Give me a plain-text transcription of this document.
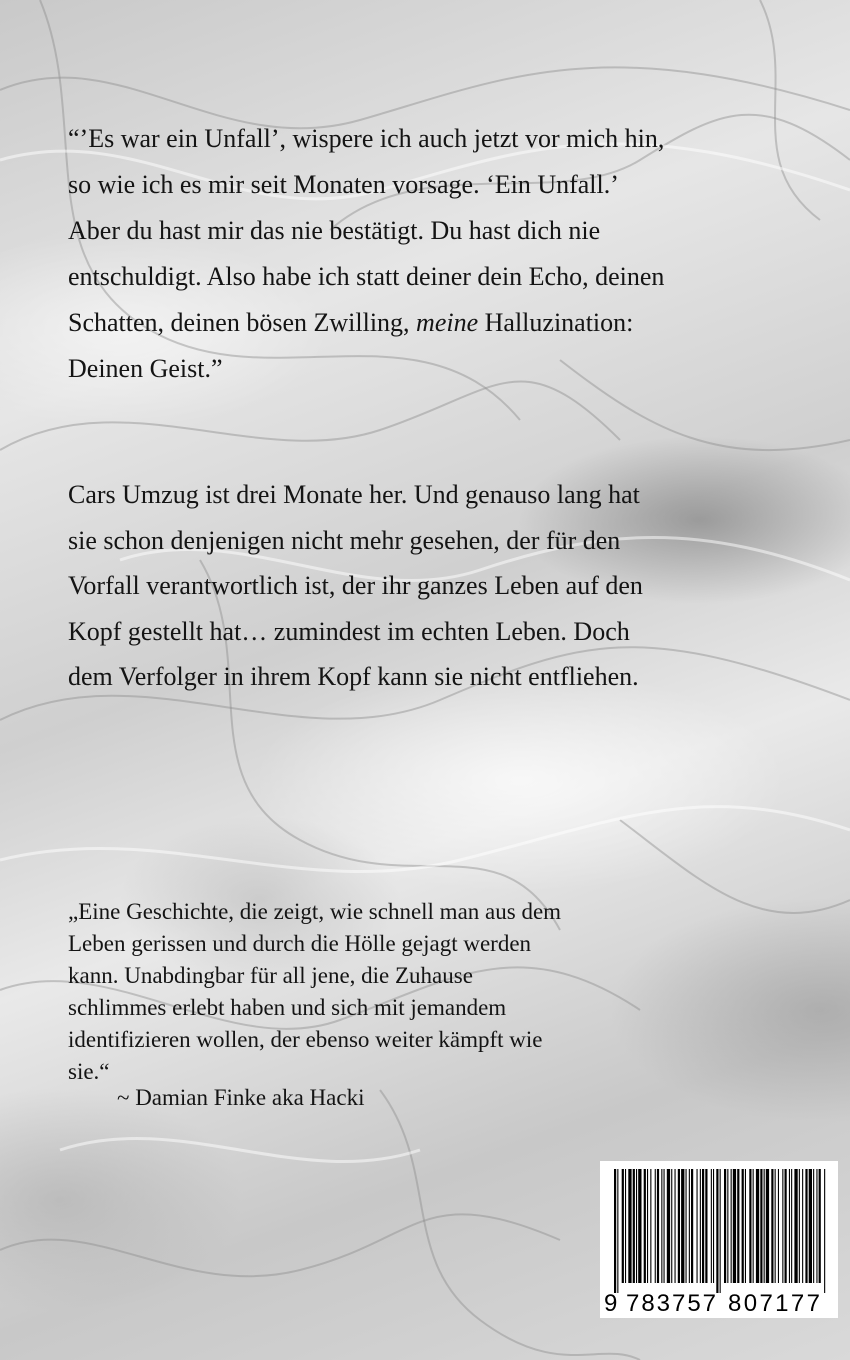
“’Es war ein Unfall’, wispere ich auch jetzt vor mich hin,
so wie ich es mir seit Monaten vorsage. ‘Ein Unfall.’
Aber du hast mir das nie bestätigt. Du hast dich nie
entschuldigt. Also habe ich statt deiner dein Echo, deinen
Schatten, deinen bösen Zwilling, meine Halluzination:
Deinen Geist.”

Cars Umzug ist drei Monate her. Und genauso lang hat
sie schon denjenigen nicht mehr gesehen, der für den
Vorfall verantwortlich ist, der ihr ganzes Leben auf den
Kopf gestellt hat… zumindest im echten Leben. Doch
dem Verfolger in ihrem Kopf kann sie nicht entfliehen.

„Eine Geschichte, die zeigt, wie schnell man aus dem
Leben gerissen und durch die Hölle gejagt werden
kann. Unabdingbar für all jene, die Zuhause
schlimmes erlebt haben und sich mit jemandem
identifizieren wollen, der ebenso weiter kämpft wie
sie.“

~ Damian Finke aka Hacki

9 783757 807177
